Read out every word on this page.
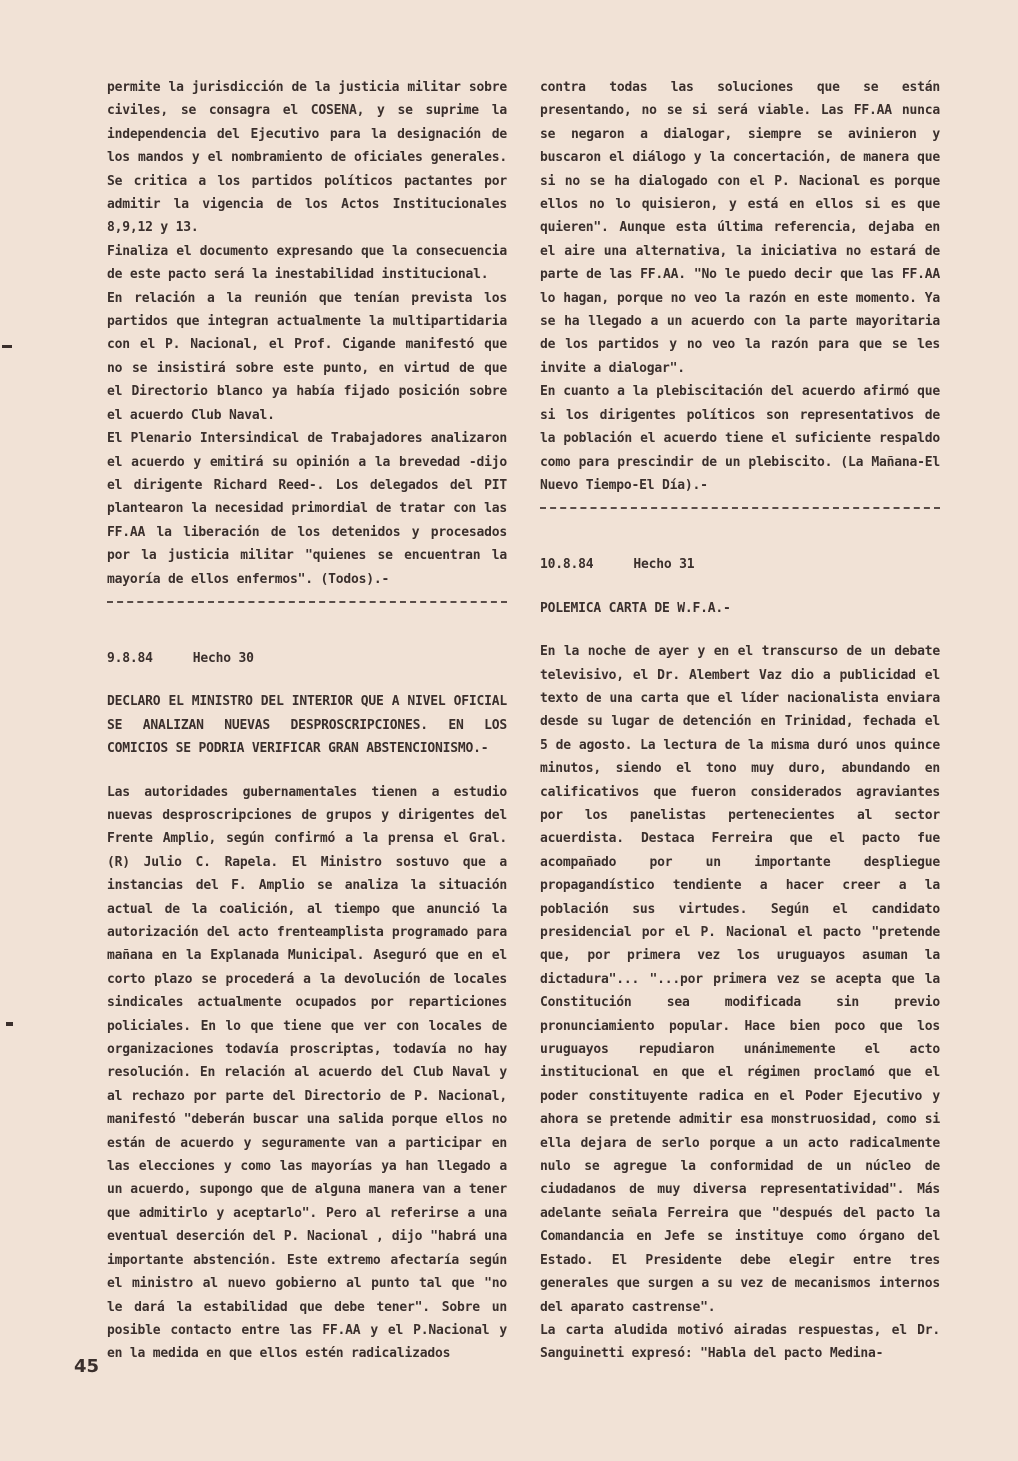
permite la jurisdicción de la justicia militar sobre civiles, se consagra el COSENA, y se suprime la independencia del Ejecutivo para la designación de los mandos y el nombramiento de oficiales generales. Se critica a los partidos políticos pactantes por admitir la vigencia de los Actos Institucionales 8,9,12 y 13.

Finaliza el documento expresando que la consecuencia de este pacto será la inestabilidad institucional.

En relación a la reunión que tenían prevista los partidos que integran actualmente la multipartidaria con el P. Nacional, el Prof. Cigande manifestó que no se insistirá sobre este punto, en virtud de que el Directorio blanco ya había fijado posición sobre el acuerdo Club Naval.

El Plenario Intersindical de Trabajadores analizaron el acuerdo y emitirá su opinión a la brevedad -dijo el dirigente Richard Reed-. Los delegados del PIT plantearon la necesidad primordial de tratar con las FF.AA la liberación de los detenidos y procesados por la justicia militar "quienes se encuentran la mayoría de ellos enfermos". (Todos).-

9.8.84	Hecho 30

DECLARO EL MINISTRO DEL INTERIOR QUE A NIVEL OFICIAL SE ANALIZAN NUEVAS DESPROSCRIPCIONES. EN LOS COMICIOS SE PODRIA VERIFICAR GRAN ABSTENCIONISMO.-

Las autoridades gubernamentales tienen a estudio nuevas desproscripciones de grupos y dirigentes del Frente Amplio, según confirmó a la prensa el Gral. (R) Julio C. Rapela. El Ministro sostuvo que a instancias del F. Amplio se analiza la situación actual de la coalición, al tiempo que anunció la autorización del acto frenteamplista programado para mañana en la Explanada Municipal. Aseguró que en el corto plazo se procederá a la devolución de locales sindicales actualmente ocupados por reparticiones policiales. En lo que tiene que ver con locales de organizaciones todavía proscriptas, todavía no hay resolución. En relación al acuerdo del Club Naval y al rechazo por parte del Directorio de P. Nacional, manifestó "deberán buscar una salida porque ellos no están de acuerdo y seguramente van a participar en las elecciones y como las mayorías ya han llegado a un acuerdo, supongo que de alguna manera van a tener que admitirlo y aceptarlo". Pero al referirse a una eventual deserción del P. Nacional , dijo "habrá una importante abstención. Este extremo afectaría según el ministro al nuevo gobierno al punto tal que "no le dará la estabilidad que debe tener". Sobre un posible contacto entre las FF.AA y el P.Nacional y en la medida en que ellos estén radicalizados

contra todas las soluciones que se están presentando, no se si será viable. Las FF.AA nunca se negaron a dialogar, siempre se avinieron y buscaron el diálogo y la concertación, de manera que si no se ha dialogado con el P. Nacional es porque ellos no lo quisieron, y está en ellos si es que quieren". Aunque esta última referencia, dejaba en el aire una alternativa, la iniciativa no estará de parte de las FF.AA. "No le puedo decir que las FF.AA lo hagan, porque no veo la razón en este momento. Ya se ha llegado a un acuerdo con la parte mayoritaria de los partidos y no veo la razón para que se les invite a dialogar".

En cuanto a la plebiscitación del acuerdo afirmó que si los dirigentes políticos son representativos de la población el acuerdo tiene el suficiente respaldo como para prescindir de un plebiscito. (La Mañana-El Nuevo Tiempo-El Día).-

10.8.84	Hecho 31

POLEMICA CARTA DE W.F.A.-

En la noche de ayer y en el transcurso de un debate televisivo, el Dr. Alembert Vaz dio a publicidad el texto de una carta que el líder nacionalista enviara desde su lugar de detención en Trinidad, fechada el 5 de agosto. La lectura de la misma duró unos quince minutos, siendo el tono muy duro, abundando en calificativos que fueron considerados agraviantes por los panelistas pertenecientes al sector acuerdista. Destaca Ferreira que el pacto fue acompañado por un importante despliegue propagandístico tendiente a hacer creer a la población sus virtudes. Según el candidato presidencial por el P. Nacional el pacto "pretende que, por primera vez los uruguayos asuman la dictadura"... "...por primera vez se acepta que la Constitución sea modificada sin previo pronunciamiento popular. Hace bien poco que los uruguayos repudiaron unánimemente el acto institucional en que el régimen proclamó que el poder constituyente radica en el Poder Ejecutivo y ahora se pretende admitir esa monstruosidad, como si ella dejara de serlo porque a un acto radicalmente nulo se agregue la conformidad de un núcleo de ciudadanos de muy diversa representatividad". Más adelante señala Ferreira que "después del pacto la Comandancia en Jefe se instituye como órgano del Estado. El Presidente debe elegir entre tres generales que surgen a su vez de mecanismos internos del aparato castrense".

La carta aludida motivó airadas respuestas, el Dr. Sanguinetti expresó: "Habla del pacto Medina-

45
